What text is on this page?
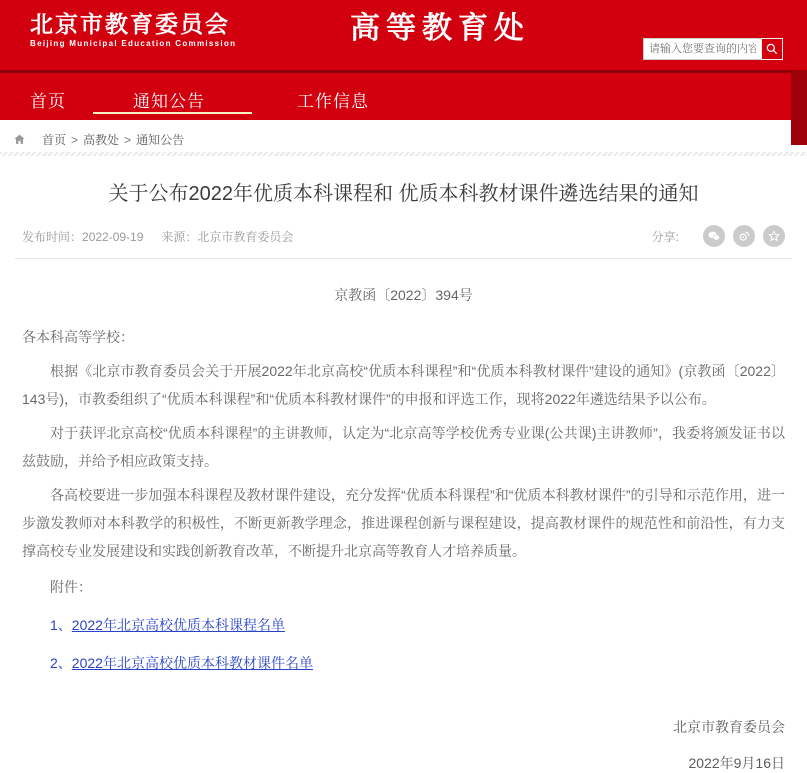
北京市教育委员会
Beijing Municipal Education Commission	高等教育处
请输入您要查询的内容
首页	通知公告	工作信息
首页 > 高教处 > 通知公告
关于公布2022年优质本科课程和 优质本科教材课件遴选结果的通知
发布时间：2022-09-19 来源：北京市教育委员会	分享:
京教函〔2022〕394号
各本科高等学校：

根据《北京市教育委员会关于开展2022年北京高校“优质本科课程”和“优质本科教材课件”建设的通知》(京教函〔2022〕143号)，市教委组织了“优质本科课程”和“优质本科教材课件”的申报和评选工作，现将2022年遴选结果予以公布。

对于获评北京高校“优质本科课程”的主讲教师，认定为“北京高等学校优秀专业课(公共课)主讲教师”，我委将颁发证书以兹鼓励，并给予相应政策支持。

各高校要进一步加强本科课程及教材课件建设，充分发挥“优质本科课程”和“优质本科教材课件”的引导和示范作用，进一步激发教师对本科教学的积极性，不断更新教学理念，推进课程创新与课程建设，提高教材课件的规范性和前沿性，有力支撑高校专业发展建设和实践创新教育改革，不断提升北京高等教育人才培养质量。

附件：
1、2022年北京高校优质本科课程名单
2、2022年北京高校优质本科教材课件名单
北京市教育委员会
2022年9月16日
